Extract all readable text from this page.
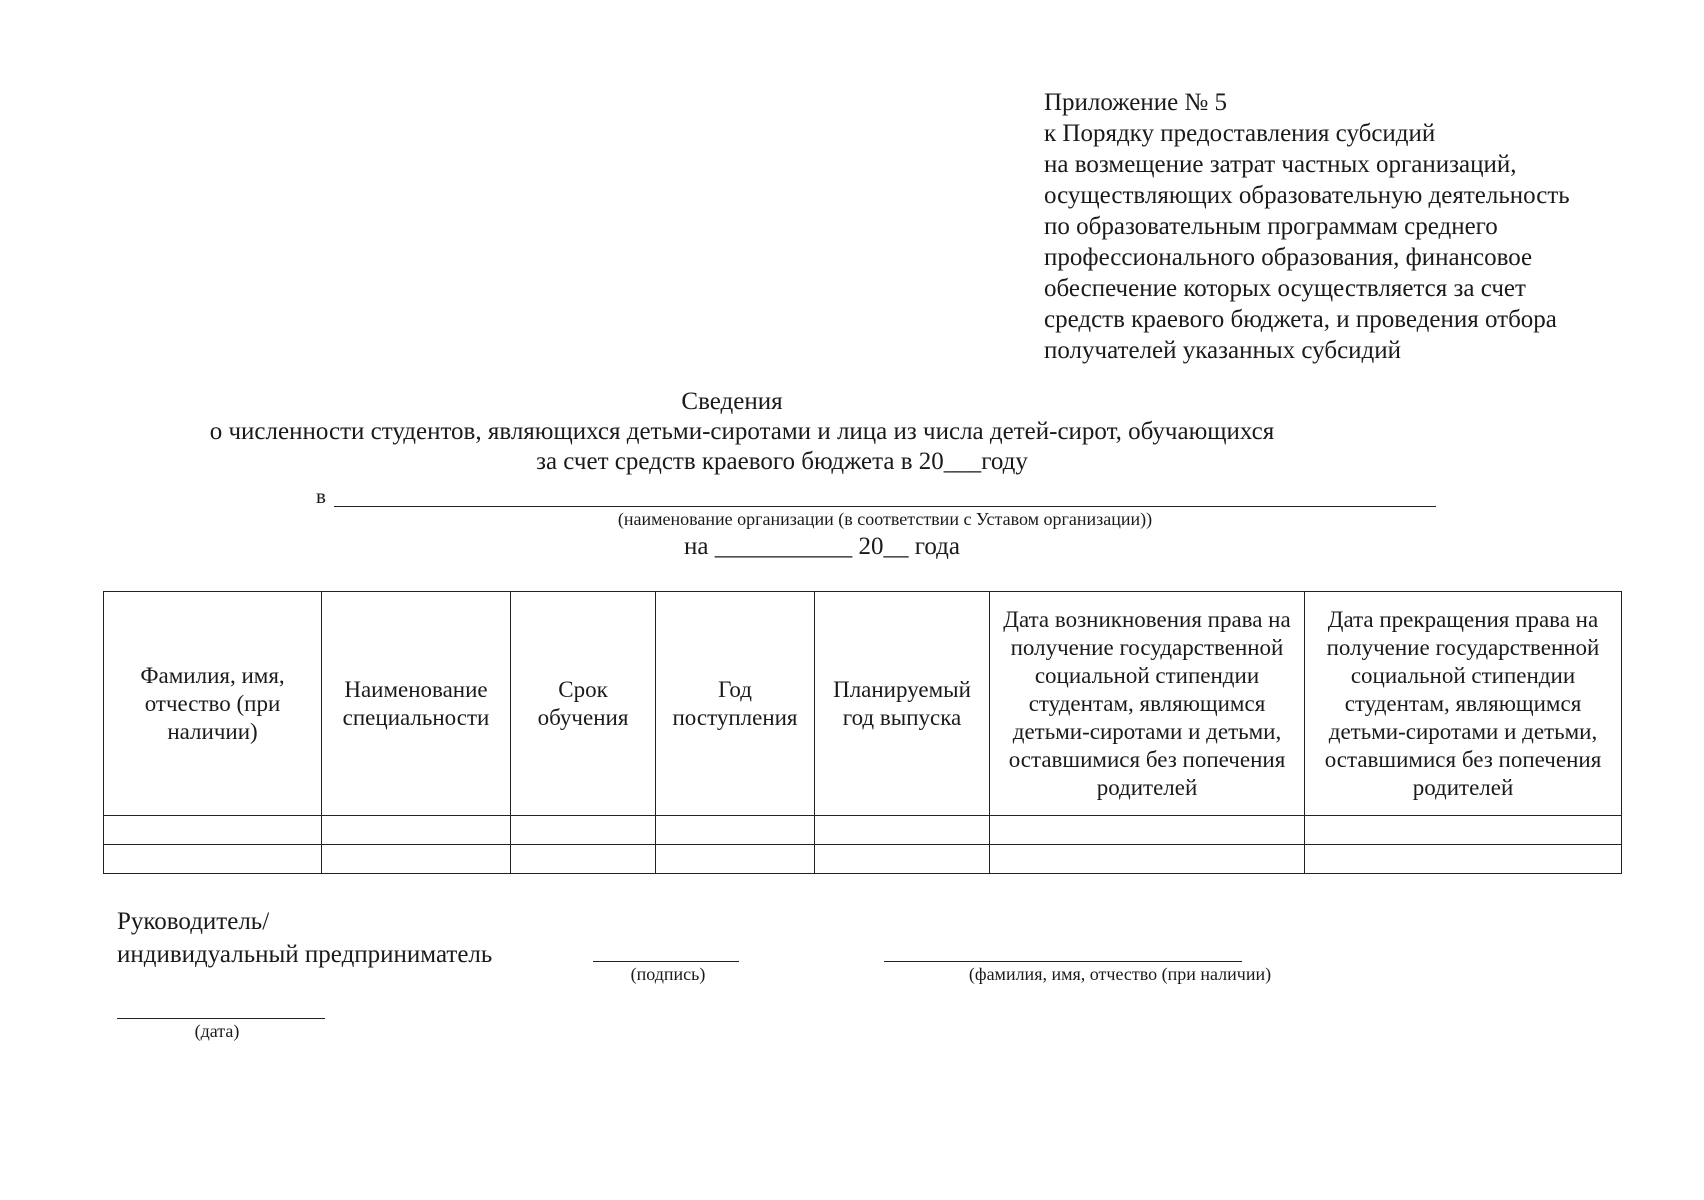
Приложение № 5
к Порядку предоставления субсидий
на возмещение затрат частных организаций,
осуществляющих образовательную деятельность
по образовательным программам среднего
профессионального образования, финансовое
обеспечение которых осуществляется за счет
средств краевого бюджета, и проведения отбора
получателей указанных субсидий
Сведения
о численности студентов, являющихся детьми-сиротами и лица из числа детей-сирот, обучающихся
за счет средств краевого бюджета в 20___году
в
(наименование организации (в соответствии с Уставом организации))
на ___________ 20__ года
Фамилия, имя, отчество (при наличии)	Наименование специальности	Срок обучения	Год поступления	Планируемый год выпуска	Дата возникновения права на получение государственной социальной стипендии студентам, являющимся детьми-сиротами и детьми, оставшимися без попечения родителей	Дата прекращения права на получение государственной социальной стипендии студентам, являющимся детьми-сиротами и детьми, оставшимися без попечения родителей

Руководитель/
индивидуальный предприниматель
(подпись)	(фамилия, имя, отчество (при наличии)
(дата)
